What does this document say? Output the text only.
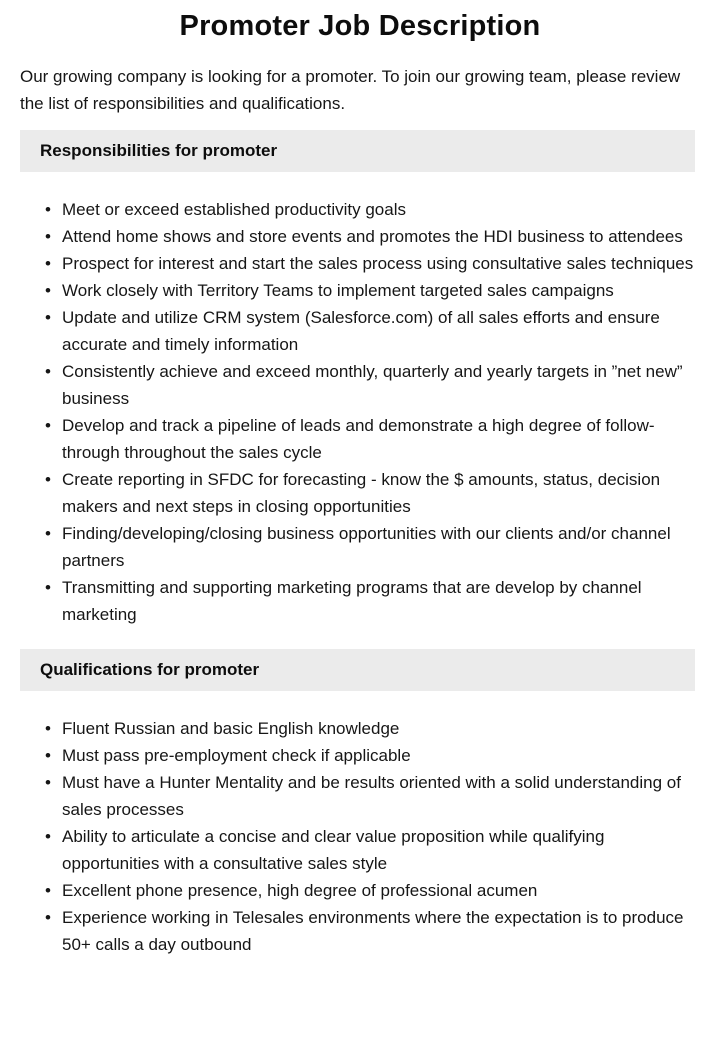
Promoter Job Description

Our growing company is looking for a promoter. To join our growing team, please review the list of responsibilities and qualifications.

Responsibilities for promoter
• Meet or exceed established productivity goals
• Attend home shows and store events and promotes the HDI business to attendees
• Prospect for interest and start the sales process using consultative sales techniques
• Work closely with Territory Teams to implement targeted sales campaigns
• Update and utilize CRM system (Salesforce.com) of all sales efforts and ensure accurate and timely information
• Consistently achieve and exceed monthly, quarterly and yearly targets in ”net new” business
• Develop and track a pipeline of leads and demonstrate a high degree of follow-through throughout the sales cycle
• Create reporting in SFDC for forecasting - know the $ amounts, status, decision makers and next steps in closing opportunities
• Finding/developing/closing business opportunities with our clients and/or channel partners
• Transmitting and supporting marketing programs that are develop by channel marketing
Qualifications for promoter
• Fluent Russian and basic English knowledge
• Must pass pre-employment check if applicable
• Must have a Hunter Mentality and be results oriented with a solid understanding of sales processes
• Ability to articulate a concise and clear value proposition while qualifying opportunities with a consultative sales style
• Excellent phone presence, high degree of professional acumen
• Experience working in Telesales environments where the expectation is to produce 50+ calls a day outbound
